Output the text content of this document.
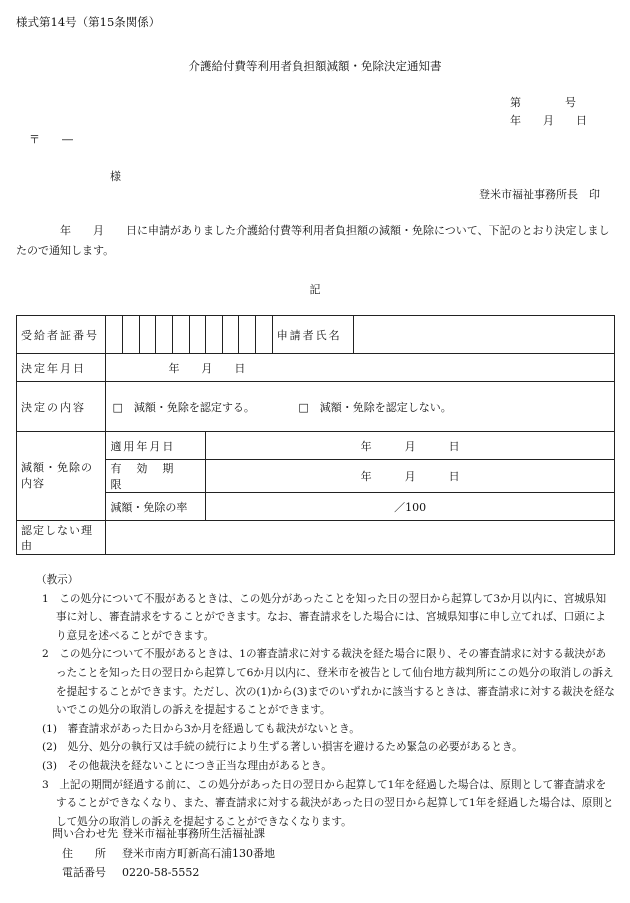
様式第14号（第15条関係）
介護給付費等利用者負担額減額・免除決定通知書
第　　　　号
年　　月　　日
〒　　―
様
登米市福祉事務所長　印
　　　　年　　月　　日に申請がありました介護給付費等利用者負担額の減額・免除について、下記のとおり決定しましたので通知します。
記
受給者証番号											申請者氏名	
決定年月日	年　　月　　日											
決定の内容	□　減額・免除を認定する。 □　減額・免除を認定しない。											
減額・免除の内容	適用年月日						年　　　月　　　日					
	有　効　期　限						年　　　月　　　日					
	減額・免除の率						／100					
認定しない理由												

（教示）

1　この処分について不服があるときは、この処分があったことを知った日の翌日から起算して3か月以内に、宮城県知事に対し、審査請求をすることができます。なお、審査請求をした場合には、宮城県知事に申し立てれば、口頭により意見を述べることができます。

2　この処分について不服があるときは、1の審査請求に対する裁決を経た場合に限り、その審査請求に対する裁決があったことを知った日の翌日から起算して6か月以内に、登米市を被告として仙台地方裁判所にこの処分の取消しの訴えを提起することができます。ただし、次の(1)から(3)までのいずれかに該当するときは、審査請求に対する裁決を経ないでこの処分の取消しの訴えを提起することができます。

(1)　審査請求があった日から3か月を経過しても裁決がないとき。

(2)　処分、処分の執行又は手続の続行により生ずる著しい損害を避けるため緊急の必要があるとき。

(3)　その他裁決を経ないことにつき正当な理由があるとき。

3　上記の期間が経過する前に、この処分があった日の翌日から起算して1年を経過した場合は、原則として審査請求をすることができなくなり、また、審査請求に対する裁決があった日の翌日から起算して1年を経過した場合は、原則として処分の取消しの訴えを提起することができなくなります。

問い合わせ先 登米市福祉事務所生活福祉課
住　　所	登米市南方町新高石浦130番地
電話番号	0220-58-5552
